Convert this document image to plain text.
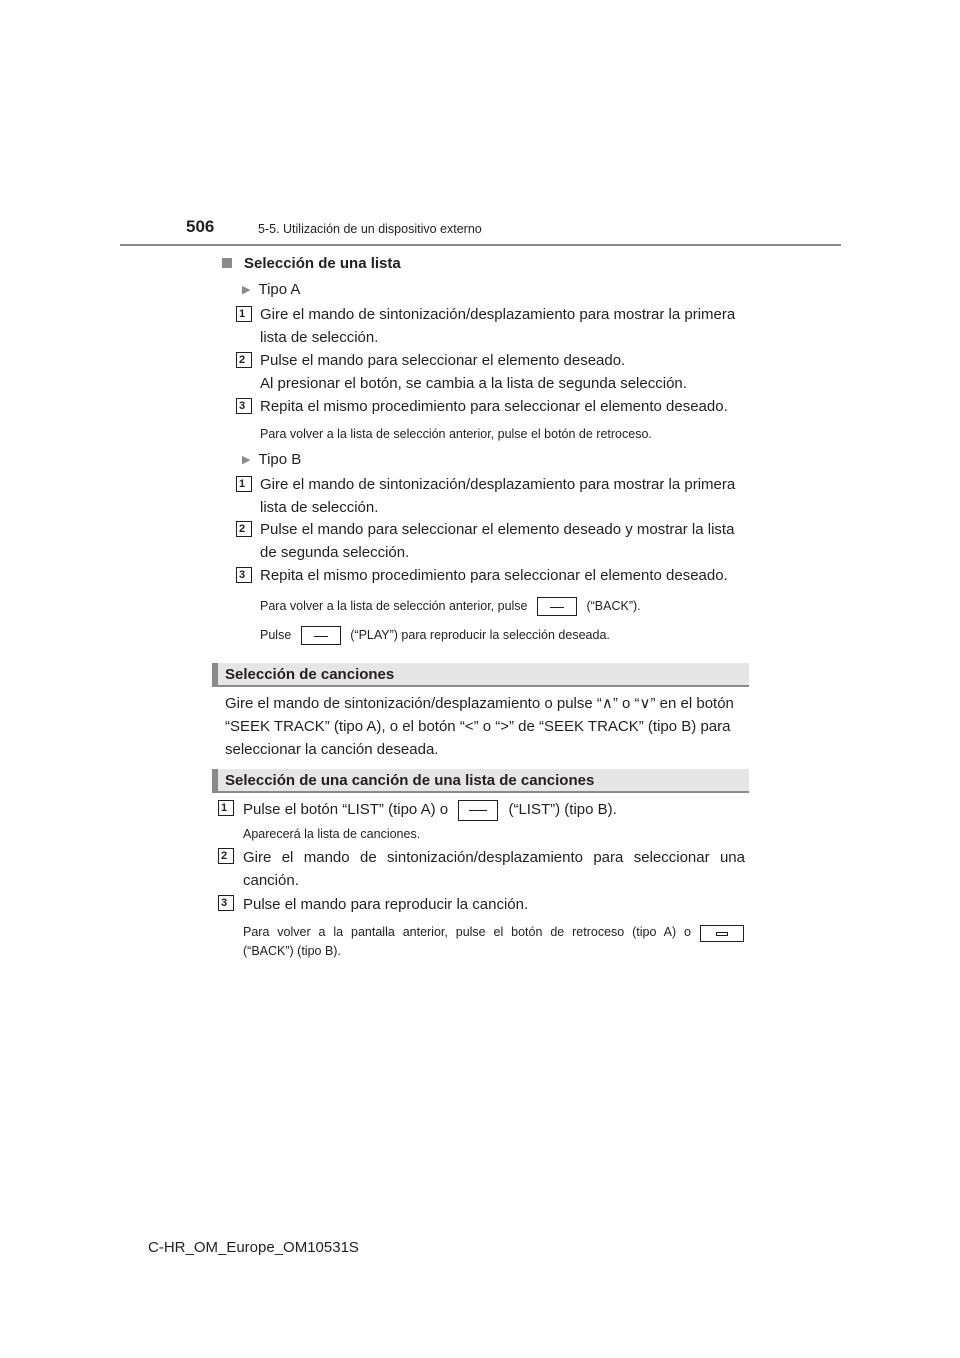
506	5-5. Utilización de un dispositivo externo
Selección de una lista
▶ Tipo A
1 Gire el mando de sintonización/desplazamiento para mostrar la primera
lista de selección.
2 Pulse el mando para seleccionar el elemento deseado.
Al presionar el botón, se cambia a la lista de segunda selección.
3 Repita el mismo procedimiento para seleccionar el elemento deseado.
Para volver a la lista de selección anterior, pulse el botón de retroceso.
▶ Tipo B
1 Gire el mando de sintonización/desplazamiento para mostrar la primera
lista de selección.
2 Pulse el mando para seleccionar el elemento deseado y mostrar la lista
de segunda selección.
3 Repita el mismo procedimiento para seleccionar el elemento deseado.
Para volver a la lista de selección anterior, pulse	(“BACK”).
Pulse	(“PLAY”) para reproducir la selección deseada.
Selección de canciones
Gire el mando de sintonización/desplazamiento o pulse “∧” o “∨” en el botón
“SEEK TRACK” (tipo A), o el botón “<” o “>” de “SEEK TRACK” (tipo B) para
seleccionar la canción deseada.
Selección de una canción de una lista de canciones
1	Pulse el botón “LIST” (tipo A) o	(“LIST”) (tipo B).
Aparecerá la lista de canciones.
2	Gire el mando de sintonización/desplazamiento para seleccionar una
canción.
3	Pulse el mando para reproducir la canción.
Para volver a la pantalla anterior, pulse el botón de retroceso (tipo A) o
(“BACK”) (tipo B).
C-HR_OM_Europe_OM10531S
